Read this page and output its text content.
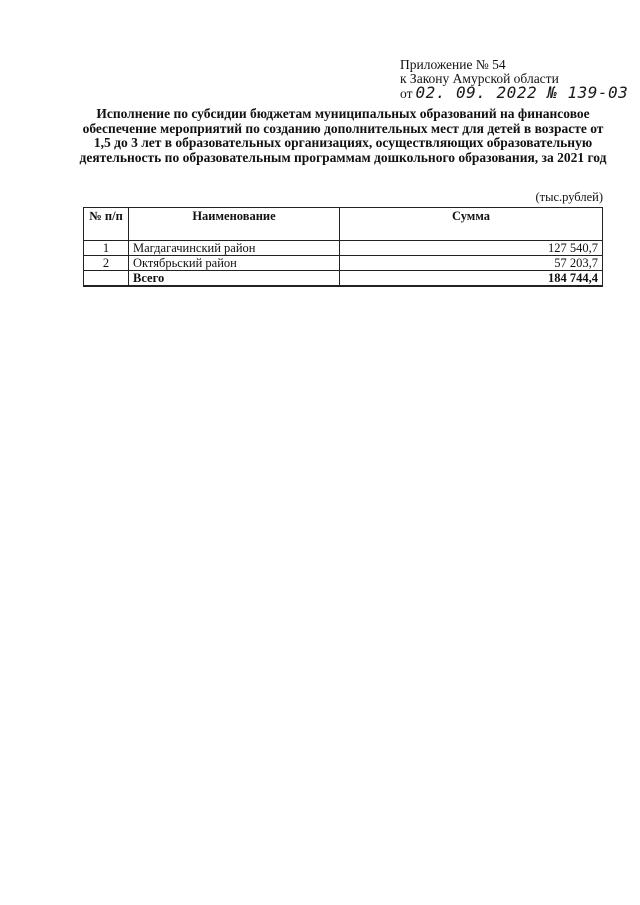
Приложение № 54
к Закону Амурской области
от 02. 09. 2022 № 139-03
Исполнение по субсидии бюджетам муниципальных образований на финансовое обеспечение мероприятий по созданию дополнительных мест для детей в возрасте от 1,5 до 3 лет в образовательных организациях, осуществляющих образовательную деятельность по образовательным программам дошкольного образования, за 2021 год
(тыс.рублей)
№ п/п	Наименование	Сумма
1	Магдагачинский район	127 540,7
2	Октябрьский район	57 203,7
	Всего	184 744,4
